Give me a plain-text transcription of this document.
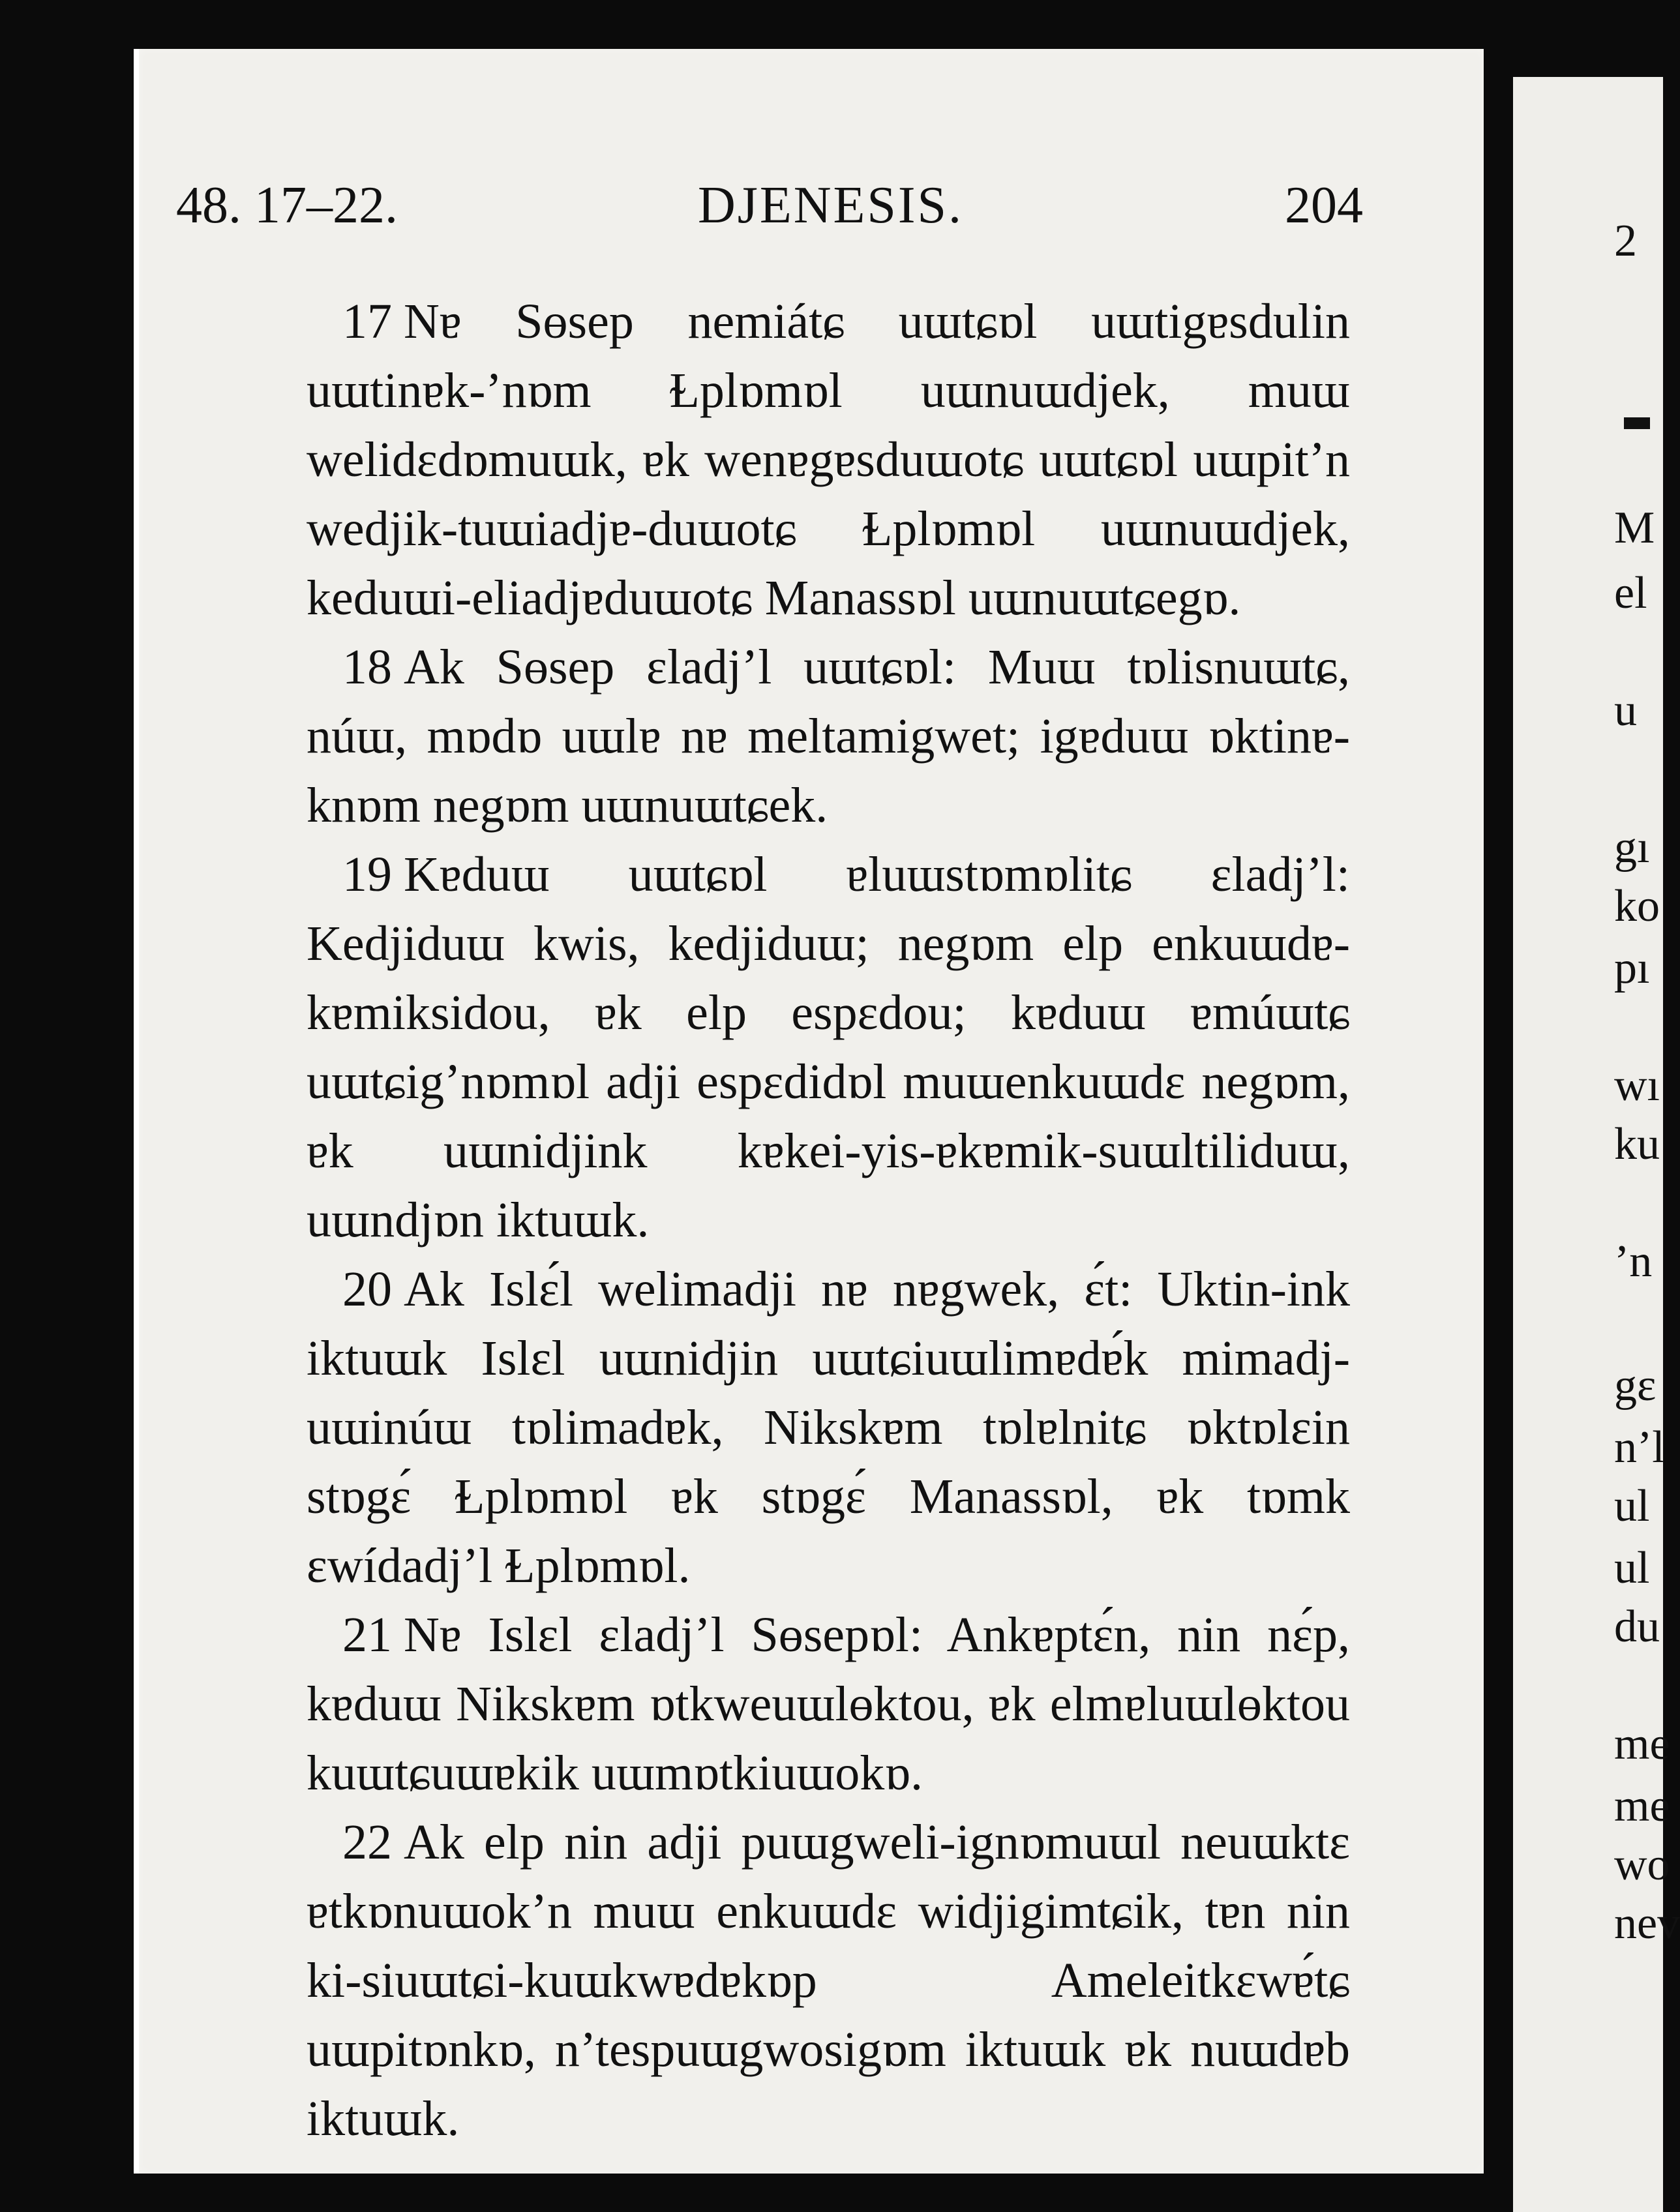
48. 17–22.	DJENESIS.	204

17 Nɐ Sɵsep nemiátɕ uɯtɕɒl uɯtigɐsdulin uɯtinɐk-’nɒm Ɫplɒmɒl uɯnuɯdjek, muɯ welidɛdɒmuɯk, ɐk wenɐgɐsduɯotɕ uɯtɕɒl uɯpit’n wedjik-tuɯiadjɐ-duɯotɕ Ɫplɒmɒl uɯnuɯdjek, keduɯi-eliadjɐduɯotɕ Manassɒl uɯnuɯtɕegɒ.

18 Ak Sɵsep ɛladj’l uɯtɕɒl: Muɯ tɒlisnuɯtɕ, núɯ, mɒdɒ uɯlɐ nɐ meltamigwet; igɐduɯ ɒktinɐ-knɒm negɒm uɯnuɯtɕek.

19 Kɐduɯ uɯtɕɒl ɐluɯstɒmɒlitɕ ɛladj’l: Kedjiduɯ kwis, kedjiduɯ; negɒm elp enkuɯdɐ-kɐmiksidou, ɐk elp espɛdou; kɐduɯ ɐmúɯtɕ uɯtɕig’nɒmɒl adji espɛdidɒl muɯenkuɯdɛ negɒm, ɐk uɯnidjink kɐkei-yis-ɐkɐmik-suɯltiliduɯ, uɯndjɒn iktuɯk.

20 Ak Islɛ́l welimadji nɐ nɐgwek, ɛ́t: Uktin-ink iktuɯk Islɛl uɯnidjin uɯtɕiuɯlimɐdɐ́k mimadj-uɯinúɯ tɒlimadɐk, Nikskɐm tɒlɐlnitɕ ɒktɒlɛin stɒgɛ́ Ɫplɒmɒl ɐk stɒgɛ́ Manassɒl, ɐk tɒmk ɛwídadj’l Ɫplɒmɒl.

21 Nɐ Islɛl ɛladj’l Sɵsepɒl: Ankɐptɛ́n, nin nɛ́p, kɐduɯ Nikskɐm ɒtkweuɯlɵktou, ɐk elmɐluɯlɵktou kuɯtɕuɯɐkik uɯmɒtkiuɯokɒ.

22 Ak elp nin adji puɯgweli-ignɒmuɯl neuɯktɛ ɐtkɒnuɯok’n muɯ enkuɯdɛ widjigimtɕik, tɐn nin ki-siuɯtɕi-kuɯkwɐdɐkɒp Ameleitkɛwɐ́tɕ uɯpitɒnkɒ, n’tespuɯgwosigɒm iktuɯk ɐk nuɯdɐb iktuɯk.

2
M
el
u
gı
ko
pı
wı
ku
’n
gɛ
n’l
ul
ul
du
me
me
wo
nev
